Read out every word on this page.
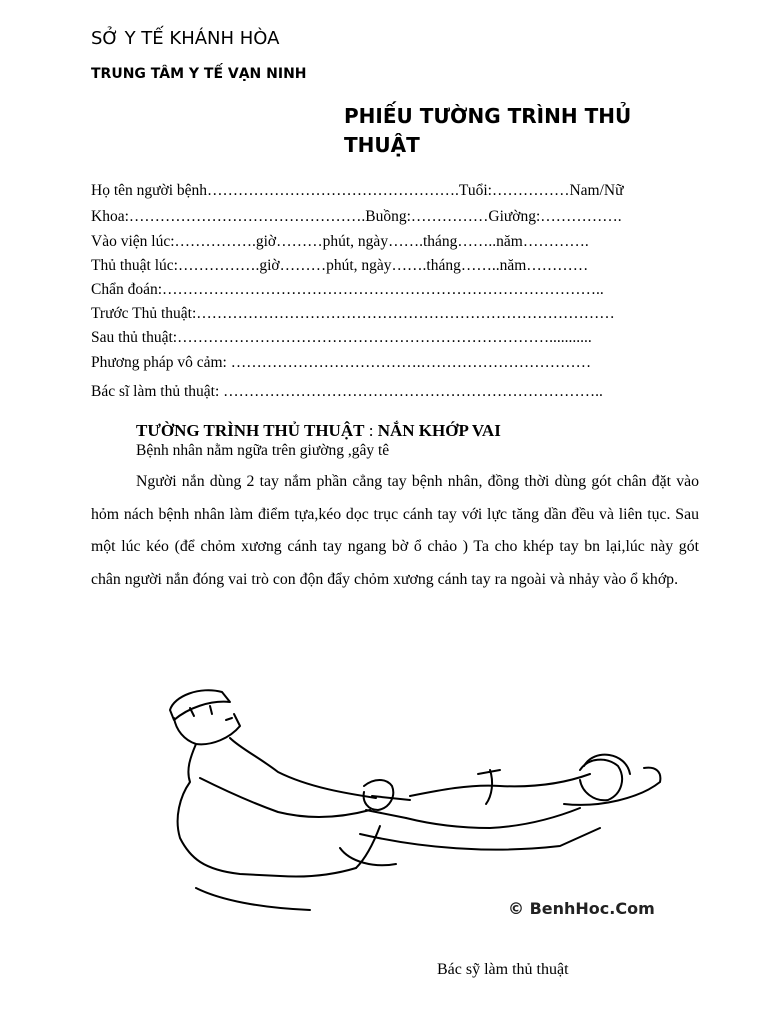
SỞ Y TẾ KHÁNH HÒA
TRUNG TÂM Y TẾ VẠN NINH
PHIẾU TƯỜNG TRÌNH THỦ
THUẬT
Họ tên người bệnh………………………………………….Tuổi:……………Nam/Nữ
Khoa:……………………………………….Buồng:……………Giường:…………….
Vào viện lúc:…………….giờ………phút, ngày…….tháng……..năm………….
Thủ thuật lúc:…………….giờ………phút, ngày…….tháng……..năm…………
Chẩn đoán:…………………………………………………………………………..
Trước Thủ thuật:………………………………………………………………………
Sau thủ thuật:………………………………………………………………...........
Phương pháp vô cảm: ……………………………….……………………………
Bác sĩ làm thủ thuật: ………………………………………………………………..
TƯỜNG TRÌNH THỦ THUẬT : NẮN KHỚP VAI
Bệnh nhân nằm ngữa trên giường ,gây tê
Người nắn dùng 2 tay nắm phần cẳng tay bệnh nhân, đồng thời dùng gót chân đặt vào hỏm nách bệnh nhân làm điểm tựa,kéo dọc trục cánh tay với lực tăng dần đều và liên tục. Sau một lúc kéo (để chỏm xương cánh tay ngang bờ ổ chảo ) Ta cho khép tay bn lại,lúc này gót chân người nắn đóng vai trò con độn đẩy chỏm xương cánh tay ra ngoài và nhảy vào ổ khớp.
© BenhHoc.Com
Bác sỹ làm thủ thuật
